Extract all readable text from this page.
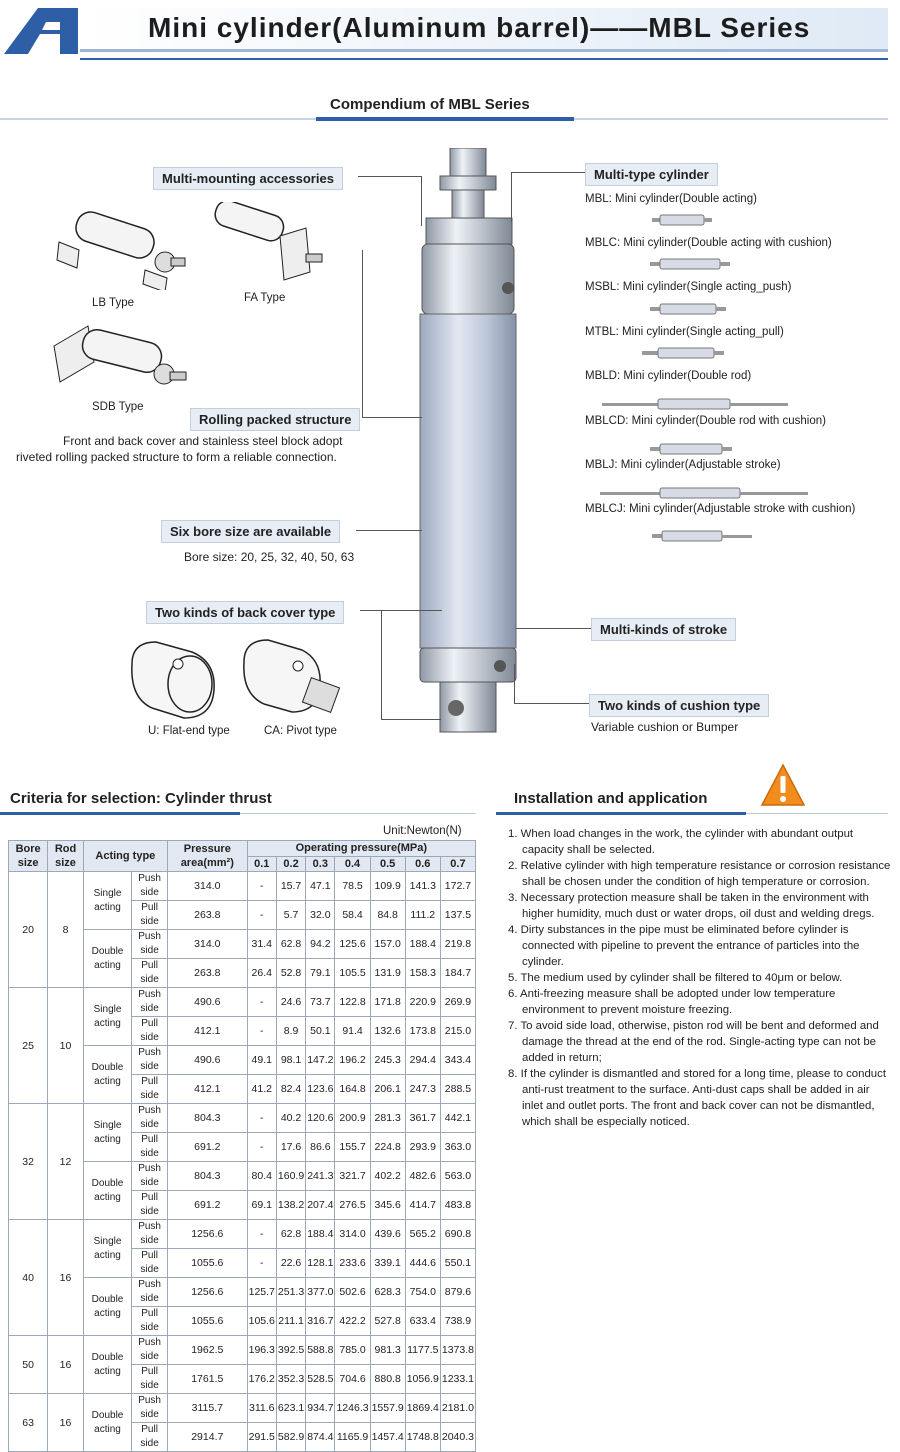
Mini cylinder(Aluminum barrel)——MBL Series
Compendium of MBL Series
Multi-mounting accessories
LB Type	FA Type
SDB Type
Rolling packed structure
Front and back cover and stainless steel block adopt
riveted rolling packed structure to form a reliable connection.
Six bore size are available
Bore size: 20, 25, 32, 40, 50, 63
Two kinds of back cover type
U: Flat-end type	CA: Pivot type
Multi-type cylinder
MBL: Mini cylinder(Double acting)
MBLC: Mini cylinder(Double acting with cushion)
MSBL: Mini cylinder(Single acting_push)
MTBL: Mini cylinder(Single acting_pull)
MBLD: Mini cylinder(Double rod)
MBLCD: Mini cylinder(Double rod with cushion)
MBLJ: Mini cylinder(Adjustable stroke)
MBLCJ: Mini cylinder(Adjustable stroke with cushion)
Multi-kinds of stroke
Two kinds of cushion type
Variable cushion or Bumper
Criteria for selection: Cylinder thrust
Unit:Newton(N)
Bore size	Rod size	Acting type		Pressure area(mm²)	Operating pressure(MPa)						
					0.1	0.2	0.3	0.4	0.5	0.6	0.7
20	8	Single acting	Push side	314.0	-	15.7	47.1	78.5	109.9	141.3	172.7
			Pull side	263.8	-	5.7	32.0	58.4	84.8	111.2	137.5
		Double acting	Push side	314.0	31.4	62.8	94.2	125.6	157.0	188.4	219.8
			Pull side	263.8	26.4	52.8	79.1	105.5	131.9	158.3	184.7
25	10	Single acting	Push side	490.6	-	24.6	73.7	122.8	171.8	220.9	269.9
			Pull side	412.1	-	8.9	50.1	91.4	132.6	173.8	215.0
		Double acting	Push side	490.6	49.1	98.1	147.2	196.2	245.3	294.4	343.4
			Pull side	412.1	41.2	82.4	123.6	164.8	206.1	247.3	288.5
32	12	Single acting	Push side	804.3	-	40.2	120.6	200.9	281.3	361.7	442.1
			Pull side	691.2	-	17.6	86.6	155.7	224.8	293.9	363.0
		Double acting	Push side	804.3	80.4	160.9	241.3	321.7	402.2	482.6	563.0
			Pull side	691.2	69.1	138.2	207.4	276.5	345.6	414.7	483.8
40	16	Single acting	Push side	1256.6	-	62.8	188.4	314.0	439.6	565.2	690.8
			Pull side	1055.6	-	22.6	128.1	233.6	339.1	444.6	550.1
		Double acting	Push side	1256.6	125.7	251.3	377.0	502.6	628.3	754.0	879.6
			Pull side	1055.6	105.6	211.1	316.7	422.2	527.8	633.4	738.9
50	16	Double acting	Push side	1962.5	196.3	392.5	588.8	785.0	981.3	1177.5	1373.8
			Pull side	1761.5	176.2	352.3	528.5	704.6	880.8	1056.9	1233.1
63	16	Double acting	Push side	3115.7	311.6	623.1	934.7	1246.3	1557.9	1869.4	2181.0
			Pull side	2914.7	291.5	582.9	874.4	1165.9	1457.4	1748.8	2040.3
Installation and application
1. When load changes in the work, the cylinder with abundant output capacity shall be selected.
2. Relative cylinder with high temperature resistance or corrosion resistance shall be chosen under the condition of high temperature or corrosion.
3. Necessary protection measure shall be taken in the environment with higher humidity, much dust or water drops, oil dust and welding dregs.
4. Dirty substances in the pipe must be eliminated before cylinder is connected with pipeline to prevent the entrance of particles into the cylinder.
5. The medium used by cylinder shall be filtered to 40μm or below.
6. Anti-freezing measure shall be adopted under low temperature environment to prevent moisture freezing.
7. To avoid side load, otherwise, piston rod will be bent and deformed and damage the thread at the end of the rod. Single-acting type can not be added in return;
8. If the cylinder is dismantled and stored for a long time, please to conduct anti-rust treatment to the surface. Anti-dust caps shall be added in air inlet and outlet ports. The front and back cover can not be dismantled, which shall be especially noticed.
